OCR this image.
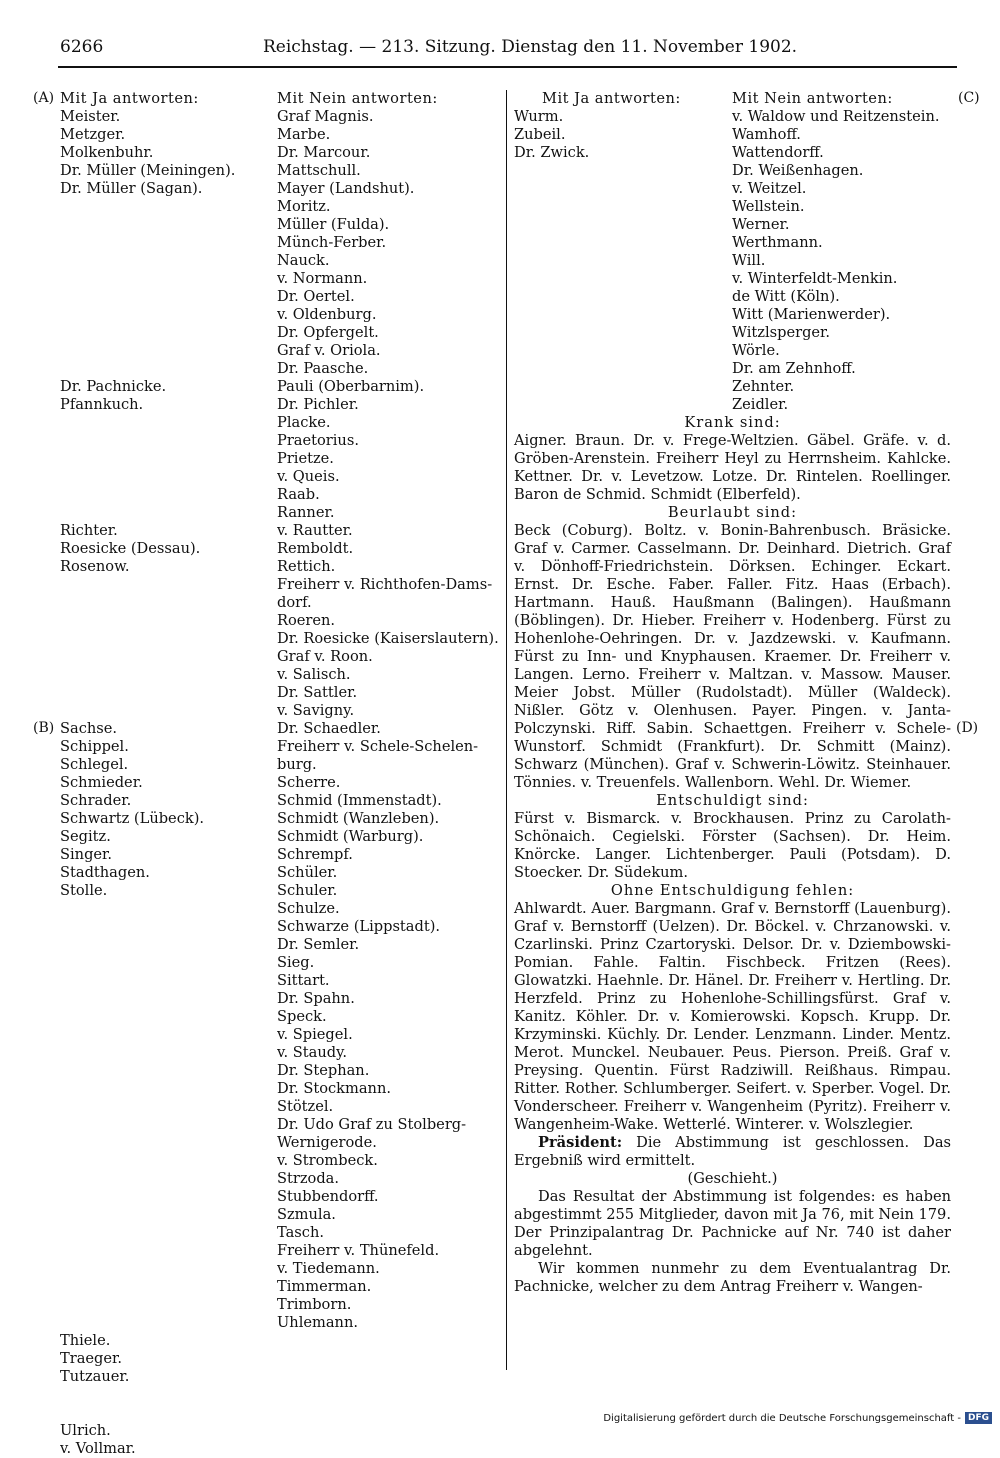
6266	Reichstag. — 213. Sitzung. Dienstag den 11. November 1902.
(A)
(B)
(C)
(D)
Mit Ja antworten:
Meister.
Metzger.
Molkenbuhr.
Dr. Müller (Meiningen).
Dr. Müller (Sagan).
Dr. Pachnicke.
Pfannkuch.
Richter.
Roesicke (Dessau).
Rosenow.
Sachse.
Schippel.
Schlegel.
Schmieder.
Schrader.
Schwartz (Lübeck).
Segitz.
Singer.
Stadthagen.
Stolle.
Thiele.
Traeger.
Tutzauer.
Ulrich.
v. Vollmar.
Mit Nein antworten:
Graf Magnis.
Marbe.
Dr. Marcour.
Mattschull.
Mayer (Landshut).
Moritz.
Müller (Fulda).
Münch-Ferber.
Nauck.
v. Normann.
Dr. Oertel.
v. Oldenburg.
Dr. Opfergelt.
Graf v. Oriola.
Dr. Paasche.
Pauli (Oberbarnim).
Dr. Pichler.
Placke.
Praetorius.
Prietze.
v. Queis.
Raab.
Ranner.
v. Rautter.
Remboldt.
Rettich.
Freiherr v. Richthofen-Dams-
dorf.
Roeren.
Dr. Roesicke (Kaiserslautern).
Graf v. Roon.
v. Salisch.
Dr. Sattler.
v. Savigny.
Dr. Schaedler.
Freiherr v. Schele-Schelen-
burg.
Scherre.
Schmid (Immenstadt).
Schmidt (Wanzleben).
Schmidt (Warburg).
Schrempf.
Schüler.
Schuler.
Schulze.
Schwarze (Lippstadt).
Dr. Semler.
Sieg.
Sittart.
Dr. Spahn.
Speck.
v. Spiegel.
v. Staudy.
Dr. Stephan.
Dr. Stockmann.
Stötzel.
Dr. Udo Graf zu Stolberg-
Wernigerode.
v. Strombeck.
Strzoda.
Stubbendorff.
Szmula.
Tasch.
Freiherr v. Thünefeld.
v. Tiedemann.
Timmerman.
Trimborn.
Uhlemann.
Mit Ja antworten:	Mit Nein antworten:
Wurm.
Zubeil.
Dr. Zwick.
v. Waldow und Reitzenstein.
Wamhoff.
Wattendorff.
Dr. Weißenhagen.
v. Weitzel.
Wellstein.
Werner.
Werthmann.
Will.
v. Winterfeldt-Menkin.
de Witt (Köln).
Witt (Marienwerder).
Witzlsperger.
Wörle.
Dr. am Zehnhoff.
Zehnter.
Zeidler.
Krank sind:
Aigner. Braun. Dr. v. Frege-Weltzien. Gäbel. Gräfe. v. d. Gröben-Arenstein. Freiherr Heyl zu Herrnsheim. Kahlcke. Kettner. Dr. v. Levetzow. Lotze. Dr. Rintelen. Roellinger. Baron de Schmid. Schmidt (Elberfeld).
Beurlaubt sind:
Beck (Coburg). Boltz. v. Bonin-Bahrenbusch. Bräsicke. Graf v. Carmer. Casselmann. Dr. Deinhard. Dietrich. Graf v. Dönhoff-Friedrichstein. Dörksen. Echinger. Eckart. Ernst. Dr. Esche. Faber. Faller. Fitz. Haas (Erbach). Hartmann. Hauß. Haußmann (Balingen). Haußmann (Böblingen). Dr. Hieber. Freiherr v. Hodenberg. Fürst zu Hohenlohe-Oehringen. Dr. v. Jazdzewski. v. Kaufmann. Fürst zu Inn- und Knyphausen. Kraemer. Dr. Freiherr v. Langen. Lerno. Freiherr v. Maltzan. v. Massow. Mauser. Meier Jobst. Müller (Rudolstadt). Müller (Waldeck). Nißler. Götz v. Olenhusen. Payer. Pingen. v. Janta-Polczynski. Riff. Sabin. Schaettgen. Freiherr v. Schele-Wunstorf. Schmidt (Frankfurt). Dr. Schmitt (Mainz). Schwarz (München). Graf v. Schwerin-Löwitz. Steinhauer. Tönnies. v. Treuenfels. Wallenborn. Wehl. Dr. Wiemer.
Entschuldigt sind:
Fürst v. Bismarck. v. Brockhausen. Prinz zu Carolath-Schönaich. Cegielski. Förster (Sachsen). Dr. Heim. Knörcke. Langer. Lichtenberger. Pauli (Potsdam). D. Stoecker. Dr. Südekum.
Ohne Entschuldigung fehlen:
Ahlwardt. Auer. Bargmann. Graf v. Bernstorff (Lauenburg). Graf v. Bernstorff (Uelzen). Dr. Böckel. v. Chrzanowski. v. Czarlinski. Prinz Czartoryski. Delsor. Dr. v. Dziembowski-Pomian. Fahle. Faltin. Fischbeck. Fritzen (Rees). Glowatzki. Haehnle. Dr. Hänel. Dr. Freiherr v. Hertling. Dr. Herzfeld. Prinz zu Hohenlohe-Schillingsfürst. Graf v. Kanitz. Köhler. Dr. v. Komierowski. Kopsch. Krupp. Dr. Krzyminski. Küchly. Dr. Lender. Lenzmann. Linder. Mentz. Merot. Munckel. Neubauer. Peus. Pierson. Preiß. Graf v. Preysing. Quentin. Fürst Radziwill. Reißhaus. Rimpau. Ritter. Rother. Schlumberger. Seifert. v. Sperber. Vogel. Dr. Vonderscheer. Freiherr v. Wangenheim (Pyritz). Freiherr v. Wangenheim-Wake. Wetterlé. Winterer. v. Wolszlegier.
Präsident: Die Abstimmung ist geschlossen. Das Ergebniß wird ermittelt.
(Geschieht.)
Das Resultat der Abstimmung ist folgendes: es haben abgestimmt 255 Mitglieder, davon mit Ja 76, mit Nein 179. Der Prinzipalantrag Dr. Pachnicke auf Nr. 740 ist daher abgelehnt.
Wir kommen nunmehr zu dem Eventualantrag Dr. Pachnicke, welcher zu dem Antrag Freiherr v. Wangen-
Digitalisierung gefördert durch die Deutsche Forschungsgemeinschaft - DFG
